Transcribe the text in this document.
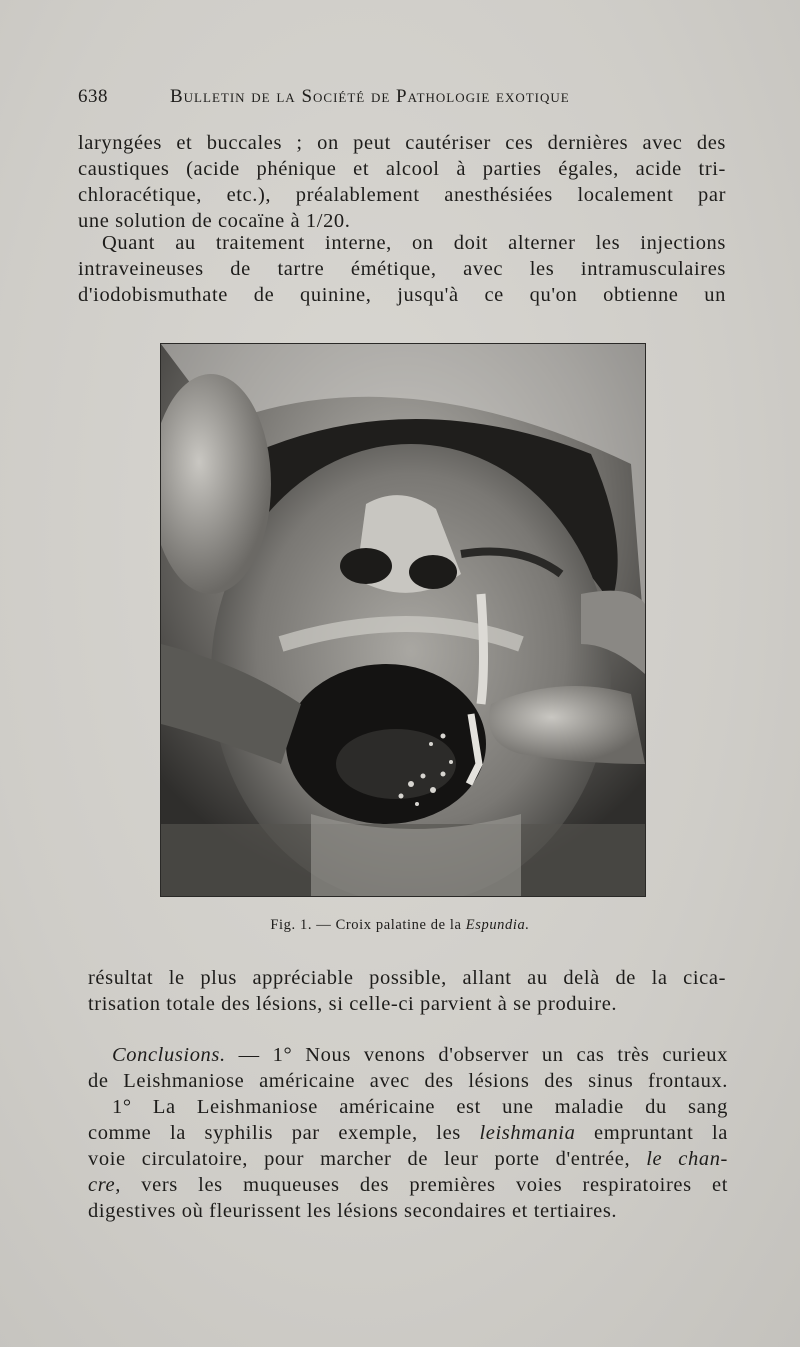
638	Bulletin de la Société de Pathologie exotique

laryngées et buccales ; on peut cautériser ces dernières avec des
caustiques (acide phénique et alcool à parties égales, acide tri-
chloracétique, etc.), préalablement anesthésiées localement par
une solution de cocaïne à 1/20.

Quant au traitement interne, on doit alterner les injections
intraveineuses de tartre émétique, avec les intramusculaires
d'iodobismuthate de quinine, jusqu'à ce qu'on obtienne un

Fig. 1. — Croix palatine de la Espundia.

résultat le plus appréciable possible, allant au delà de la cica-
trisation totale des lésions, si celle-ci parvient à se produire.

Conclusions. — 1° Nous venons d'observer un cas très curieux
de Leishmaniose américaine avec des lésions des sinus frontaux.
1° La Leishmaniose américaine est une maladie du sang
comme la syphilis par exemple, les leishmania empruntant la
voie circulatoire, pour marcher de leur porte d'entrée, le chan-
cre, vers les muqueuses des premières voies respiratoires et
digestives où fleurissent les lésions secondaires et tertiaires.
